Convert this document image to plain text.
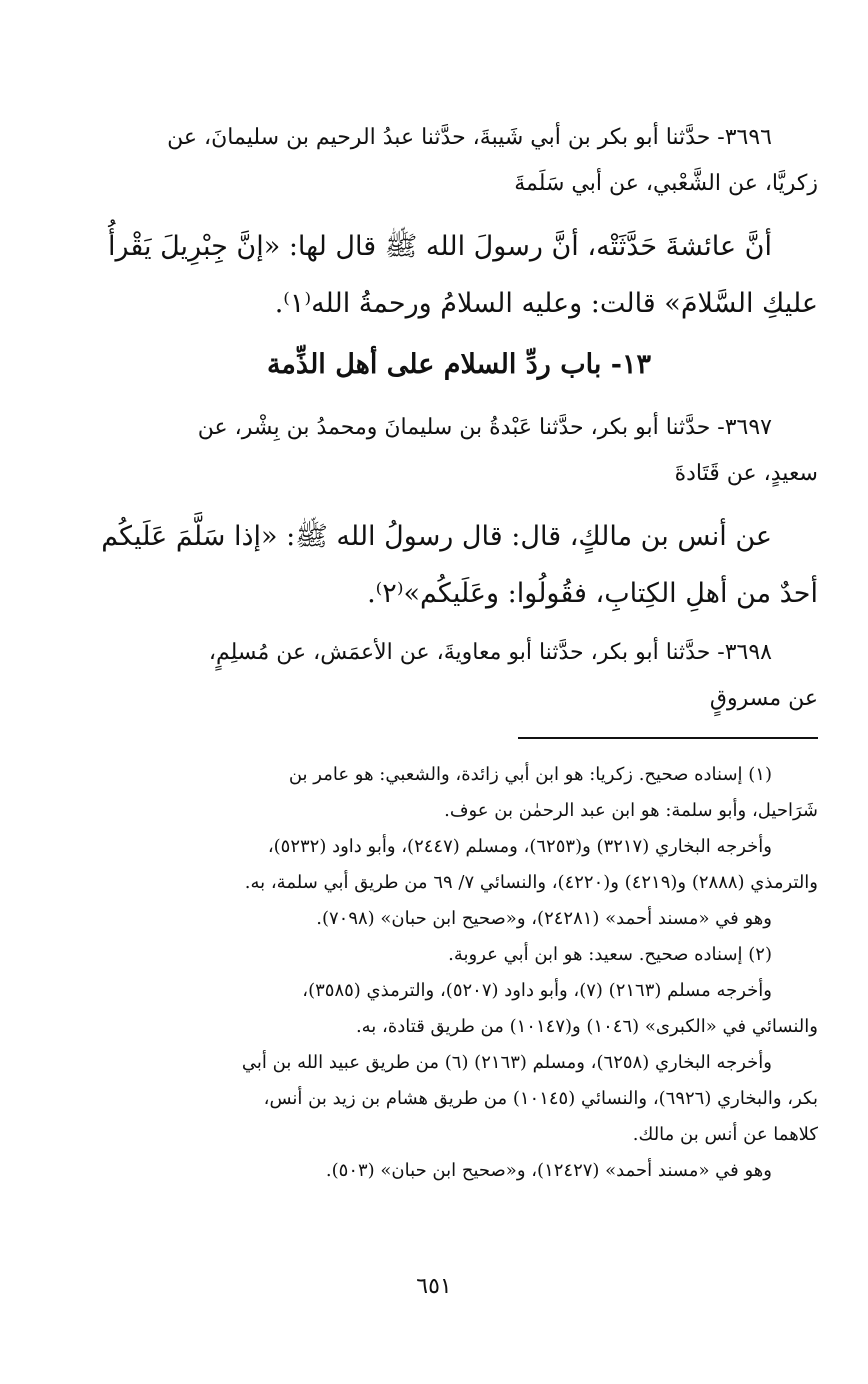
٣٦٩٦- حدَّثنا أبو بكر بن أبي شَيبةَ، حدَّثنا عبدُ الرحيم بن سليمانَ، عن
زكريَّا، عن الشَّعْبي، عن أبي سَلَمةَ
أنَّ عائشةَ حَدَّثَتْه، أنَّ رسولَ الله ﷺ قال لها: «إنَّ جِبْرِيلَ يَقْرأُ
عليكِ السَّلامَ» قالت: وعليه السلامُ ورحمةُ الله⁽١⁾.
١٣- باب ردِّ السلام على أهل الذِّمة
٣٦٩٧- حدَّثنا أبو بكر، حدَّثنا عَبْدةُ بن سليمانَ ومحمدُ بن بِشْر، عن
سعيدٍ، عن قَتَادةَ
عن أنس بن مالكٍ، قال: قال رسولُ الله ﷺ: «إذا سَلَّمَ عَلَيكُم
أحدٌ من أهلِ الكِتابِ، فقُولُوا: وعَلَيكُم»⁽٢⁾.
٣٦٩٨- حدَّثنا أبو بكر، حدَّثنا أبو معاويةَ، عن الأعمَش، عن مُسلِمٍ،
عن مسروقٍ
(١) إسناده صحيح. زكريا: هو ابن أبي زائدة، والشعبي: هو عامر بن
شَرَاحيل، وأبو سلمة: هو ابن عبد الرحمٰن بن عوف.
وأخرجه البخاري (٣٢١٧) و(٦٢٥٣)، ومسلم (٢٤٤٧)، وأبو داود (٥٢٣٢)،
والترمذي (٢٨٨٨) و(٤٢١٩) و(٤٢٢٠)، والنسائي ٧/ ٦٩ من طريق أبي سلمة، به.
وهو في «مسند أحمد» (٢٤٢٨١)، و«صحيح ابن حبان» (٧٠٩٨).
(٢) إسناده صحيح. سعيد: هو ابن أبي عروبة.
وأخرجه مسلم (٢١٦٣) (٧)، وأبو داود (٥٢٠٧)، والترمذي (٣٥٨٥)،
والنسائي في «الكبرى» (١٠٤٦) و(١٠١٤٧) من طريق قتادة، به.
وأخرجه البخاري (٦٢٥٨)، ومسلم (٢١٦٣) (٦) من طريق عبيد الله بن أبي
بكر، والبخاري (٦٩٢٦)، والنسائي (١٠١٤٥) من طريق هشام بن زيد بن أنس،
كلاهما عن أنس بن مالك.
وهو في «مسند أحمد» (١٢٤٢٧)، و«صحيح ابن حبان» (٥٠٣).
٦٥١
